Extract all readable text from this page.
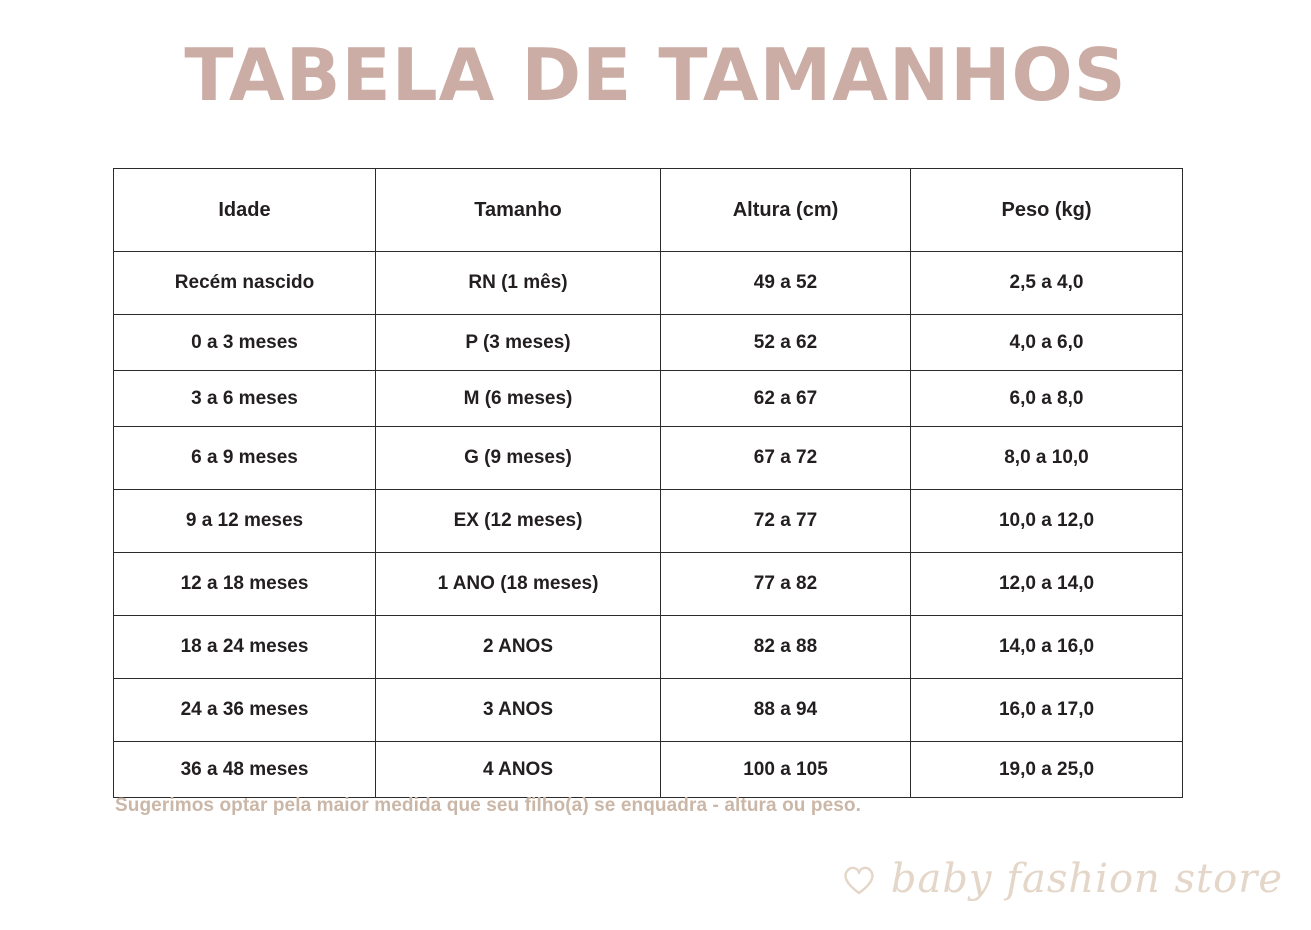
TABELA DE TAMANHOS
Idade	Tamanho	Altura (cm)	Peso (kg)
Recém nascido	RN (1 mês)	49 a 52	2,5 a 4,0
0 a 3 meses	P (3 meses)	52 a 62	4,0 a 6,0
3 a 6 meses	M (6 meses)	62 a 67	6,0 a 8,0
6 a 9 meses	G (9 meses)	67 a 72	8,0 a 10,0
9 a 12 meses	EX (12 meses)	72 a 77	10,0 a 12,0
12 a 18 meses	1 ANO (18 meses)	77 a 82	12,0 a 14,0
18 a 24 meses	2 ANOS	82 a 88	14,0 a 16,0
24 a 36 meses	3 ANOS	88 a 94	16,0 a 17,0
36 a 48 meses	4 ANOS	100 a 105	19,0 a 25,0
Sugerimos optar pela maior medida que seu filho(a) se enquadra - altura ou peso.
baby fashion store
